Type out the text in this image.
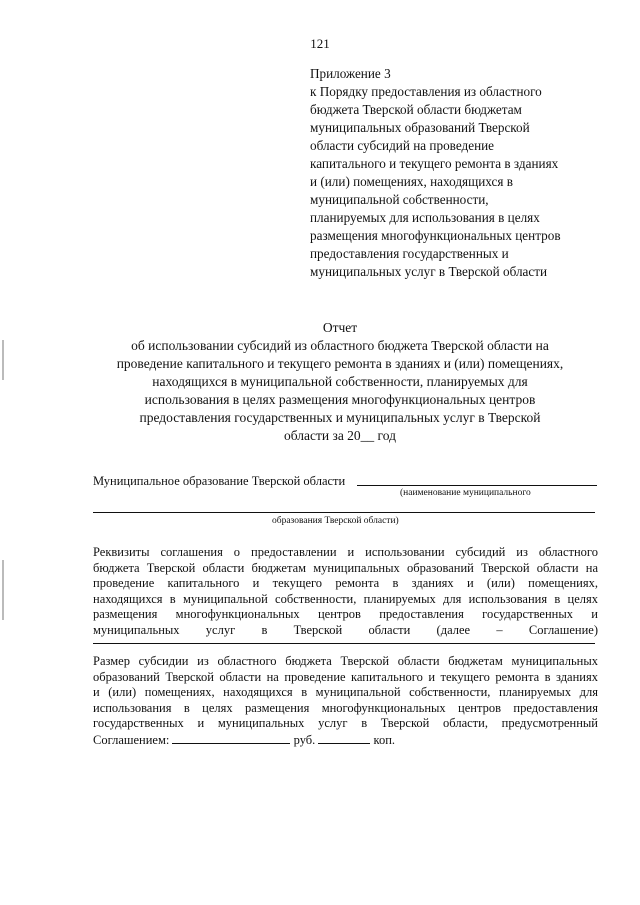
121
Приложение 3
к Порядку предоставления из областного
бюджета Тверской области бюджетам
муниципальных образований Тверской
области субсидий на проведение
капитального и текущего ремонта в зданиях
и (или) помещениях, находящихся в
муниципальной собственности,
планируемых для использования в целях
размещения многофункциональных центров
предоставления государственных и
муниципальных услуг в Тверской области
Отчет
об использовании субсидий из областного бюджета Тверской области на
проведение капитального и текущего ремонта в зданиях и (или) помещениях,
находящихся в муниципальной собственности, планируемых для
использования в целях размещения многофункциональных центров
предоставления государственных и муниципальных услуг в Тверской
области за 20__ год
Муниципальное образование Тверской области
(наименование муниципального
образования Тверской области)
Реквизиты соглашения о предоставлении и использовании субсидий из областного
бюджета Тверской области бюджетам муниципальных образований Тверской области на
проведение капитального и текущего ремонта в зданиях и (или) помещениях,
находящихся в муниципальной собственности, планируемых для использования в целях
размещения многофункциональных центров предоставления государственных и
муниципальных услуг в Тверской области (далее – Соглашение)
Размер субсидии из областного бюджета Тверской области бюджетам муниципальных
образований Тверской области на проведение капитального и текущего ремонта в зданиях
и (или) помещениях, находящихся в муниципальной собственности, планируемых для
использования в целях размещения многофункциональных центров предоставления
государственных и муниципальных услуг в Тверской области, предусмотренный
Соглашением:	руб.	коп.
